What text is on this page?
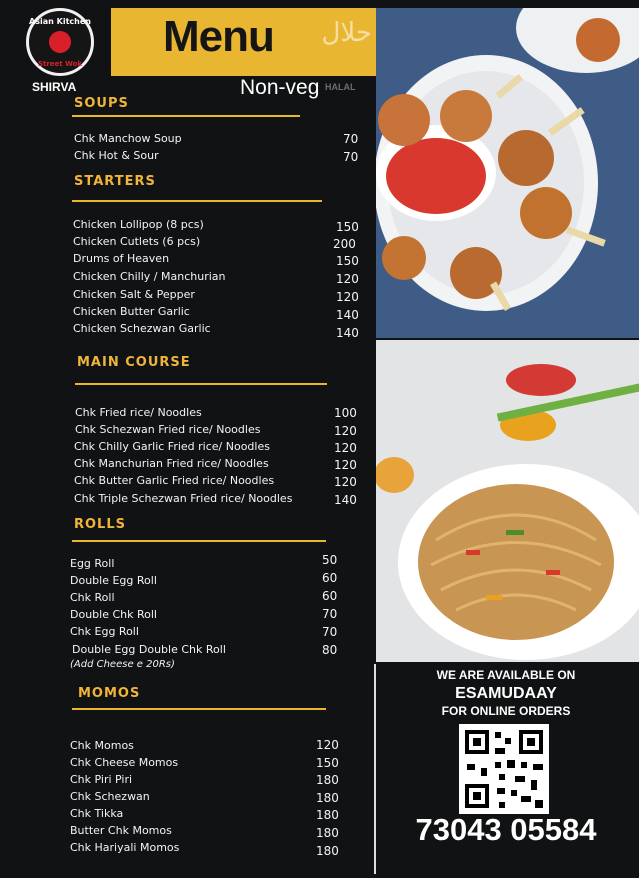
Asian Kitchen
Street Wok
SHIRVA
Menu حلال
HALAL
Non-veg
SOUPS
Chk Manchow Soup	70
Chk Hot & Sour	70
STARTERS
Chicken Lollipop (8 pcs)	150
Chicken Cutlets (6 pcs)	200
Drums of Heaven	150
Chicken Chilly / Manchurian	120
Chicken Salt & Pepper	120
Chicken Butter Garlic	140
Chicken Schezwan Garlic	140
MAIN COURSE
Chk Fried rice/ Noodles	100
Chk Schezwan Fried rice/ Noodles	120
Chk Chilly Garlic Fried rice/ Noodles	120
Chk Manchurian Fried rice/ Noodles	120
Chk Butter Garlic Fried rice/ Noodles	120
Chk Triple Schezwan Fried rice/ Noodles	140
ROLLS
Egg Roll	50
Double Egg Roll	60
Chk Roll	60
Double Chk Roll	70
Chk Egg Roll	70
Double Egg Double Chk Roll	80
(Add Cheese e 20Rs)
MOMOS
Chk Momos	120
Chk Cheese Momos	150
Chk Piri Piri	180
Chk Schezwan	180
Chk Tikka	180
Butter Chk Momos	180
Chk Hariyali Momos	180
WE ARE AVAILABLE ON
ESAMUDAAY
FOR ONLINE ORDERS
73043 05584
